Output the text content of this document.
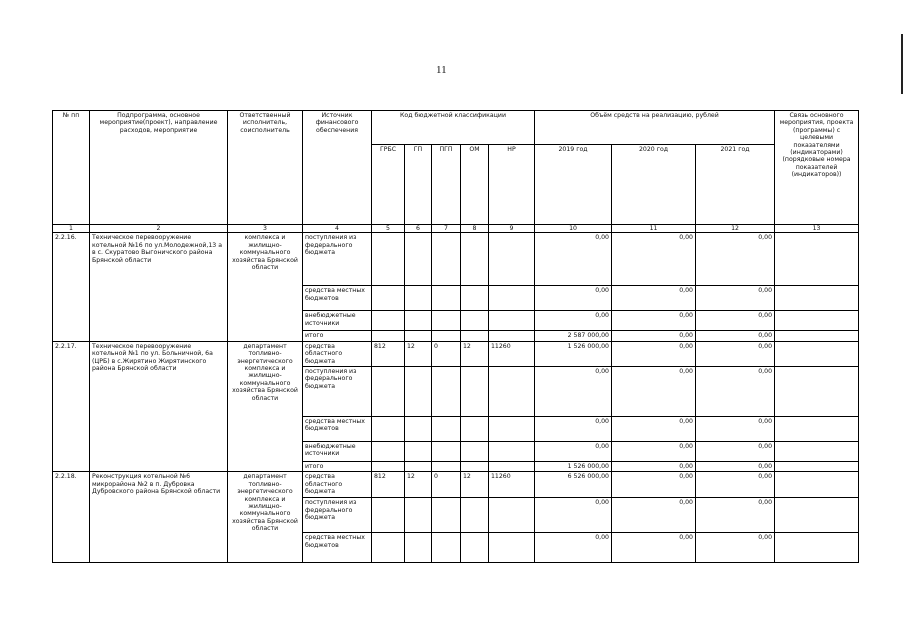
11
№ пп	Подпрограмма, основное мероприятие(проект), направление расходов, мероприятие	Ответственный исполнитель, соисполнитель	Источник финансового обеспечения	Код бюджетной классификации					Объём средств на реализацию, рублей			Связь основного мероприятия, проекта (программы) с целевыми показателями (индикаторами) (порядковые номера показателей (индикаторов))
				ГРБС	ГП	ПГП	ОМ	НР	2019 год	2020 год	2021 год	
1	2	3	4	5	6	7	8	9	10	11	12	13
2.2.16.	Техническое перевооружение котельной №16 по ул.Молодежной,13 а в с. Скуратово Выгоничского района Брянской области	комплекса и жилищно-коммунального хозяйства Брянской области	поступления из федерального бюджета						0,00	0,00	0,00	
			средства местных бюджетов						0,00	0,00	0,00	
			внебюджетные источники						0,00	0,00	0,00	
			итого						2 587 000,00	0,00	0,00	
2.2.17.	Техническое перевооружение котельной №1 по ул. Больничной, 6а (ЦРБ) в с.Жирятино Жирятинского района Брянской области	департамент топливно-энергетического комплекса и жилищно-коммунального хозяйства Брянской области	средства областного бюджета	812	12	0	12	11260	1 526 000,00	0,00	0,00	
			поступления из федерального бюджета						0,00	0,00	0,00	
			средства местных бюджетов						0,00	0,00	0,00	
			внебюджетные источники						0,00	0,00	0,00	
			итого						1 526 000,00	0,00	0,00	
2.2.18.	Реконструкция котельной №6 микрорайона №2 в п. Дубровка Дубровского района Брянской области	департамент топливно-энергетического комплекса и жилищно-коммунального хозяйства Брянской области	средства областного бюджета	812	12	0	12	11260	6 526 000,00	0,00	0,00	
			поступления из федерального бюджета						0,00	0,00	0,00	
			средства местных бюджетов						0,00	0,00	0,00	
